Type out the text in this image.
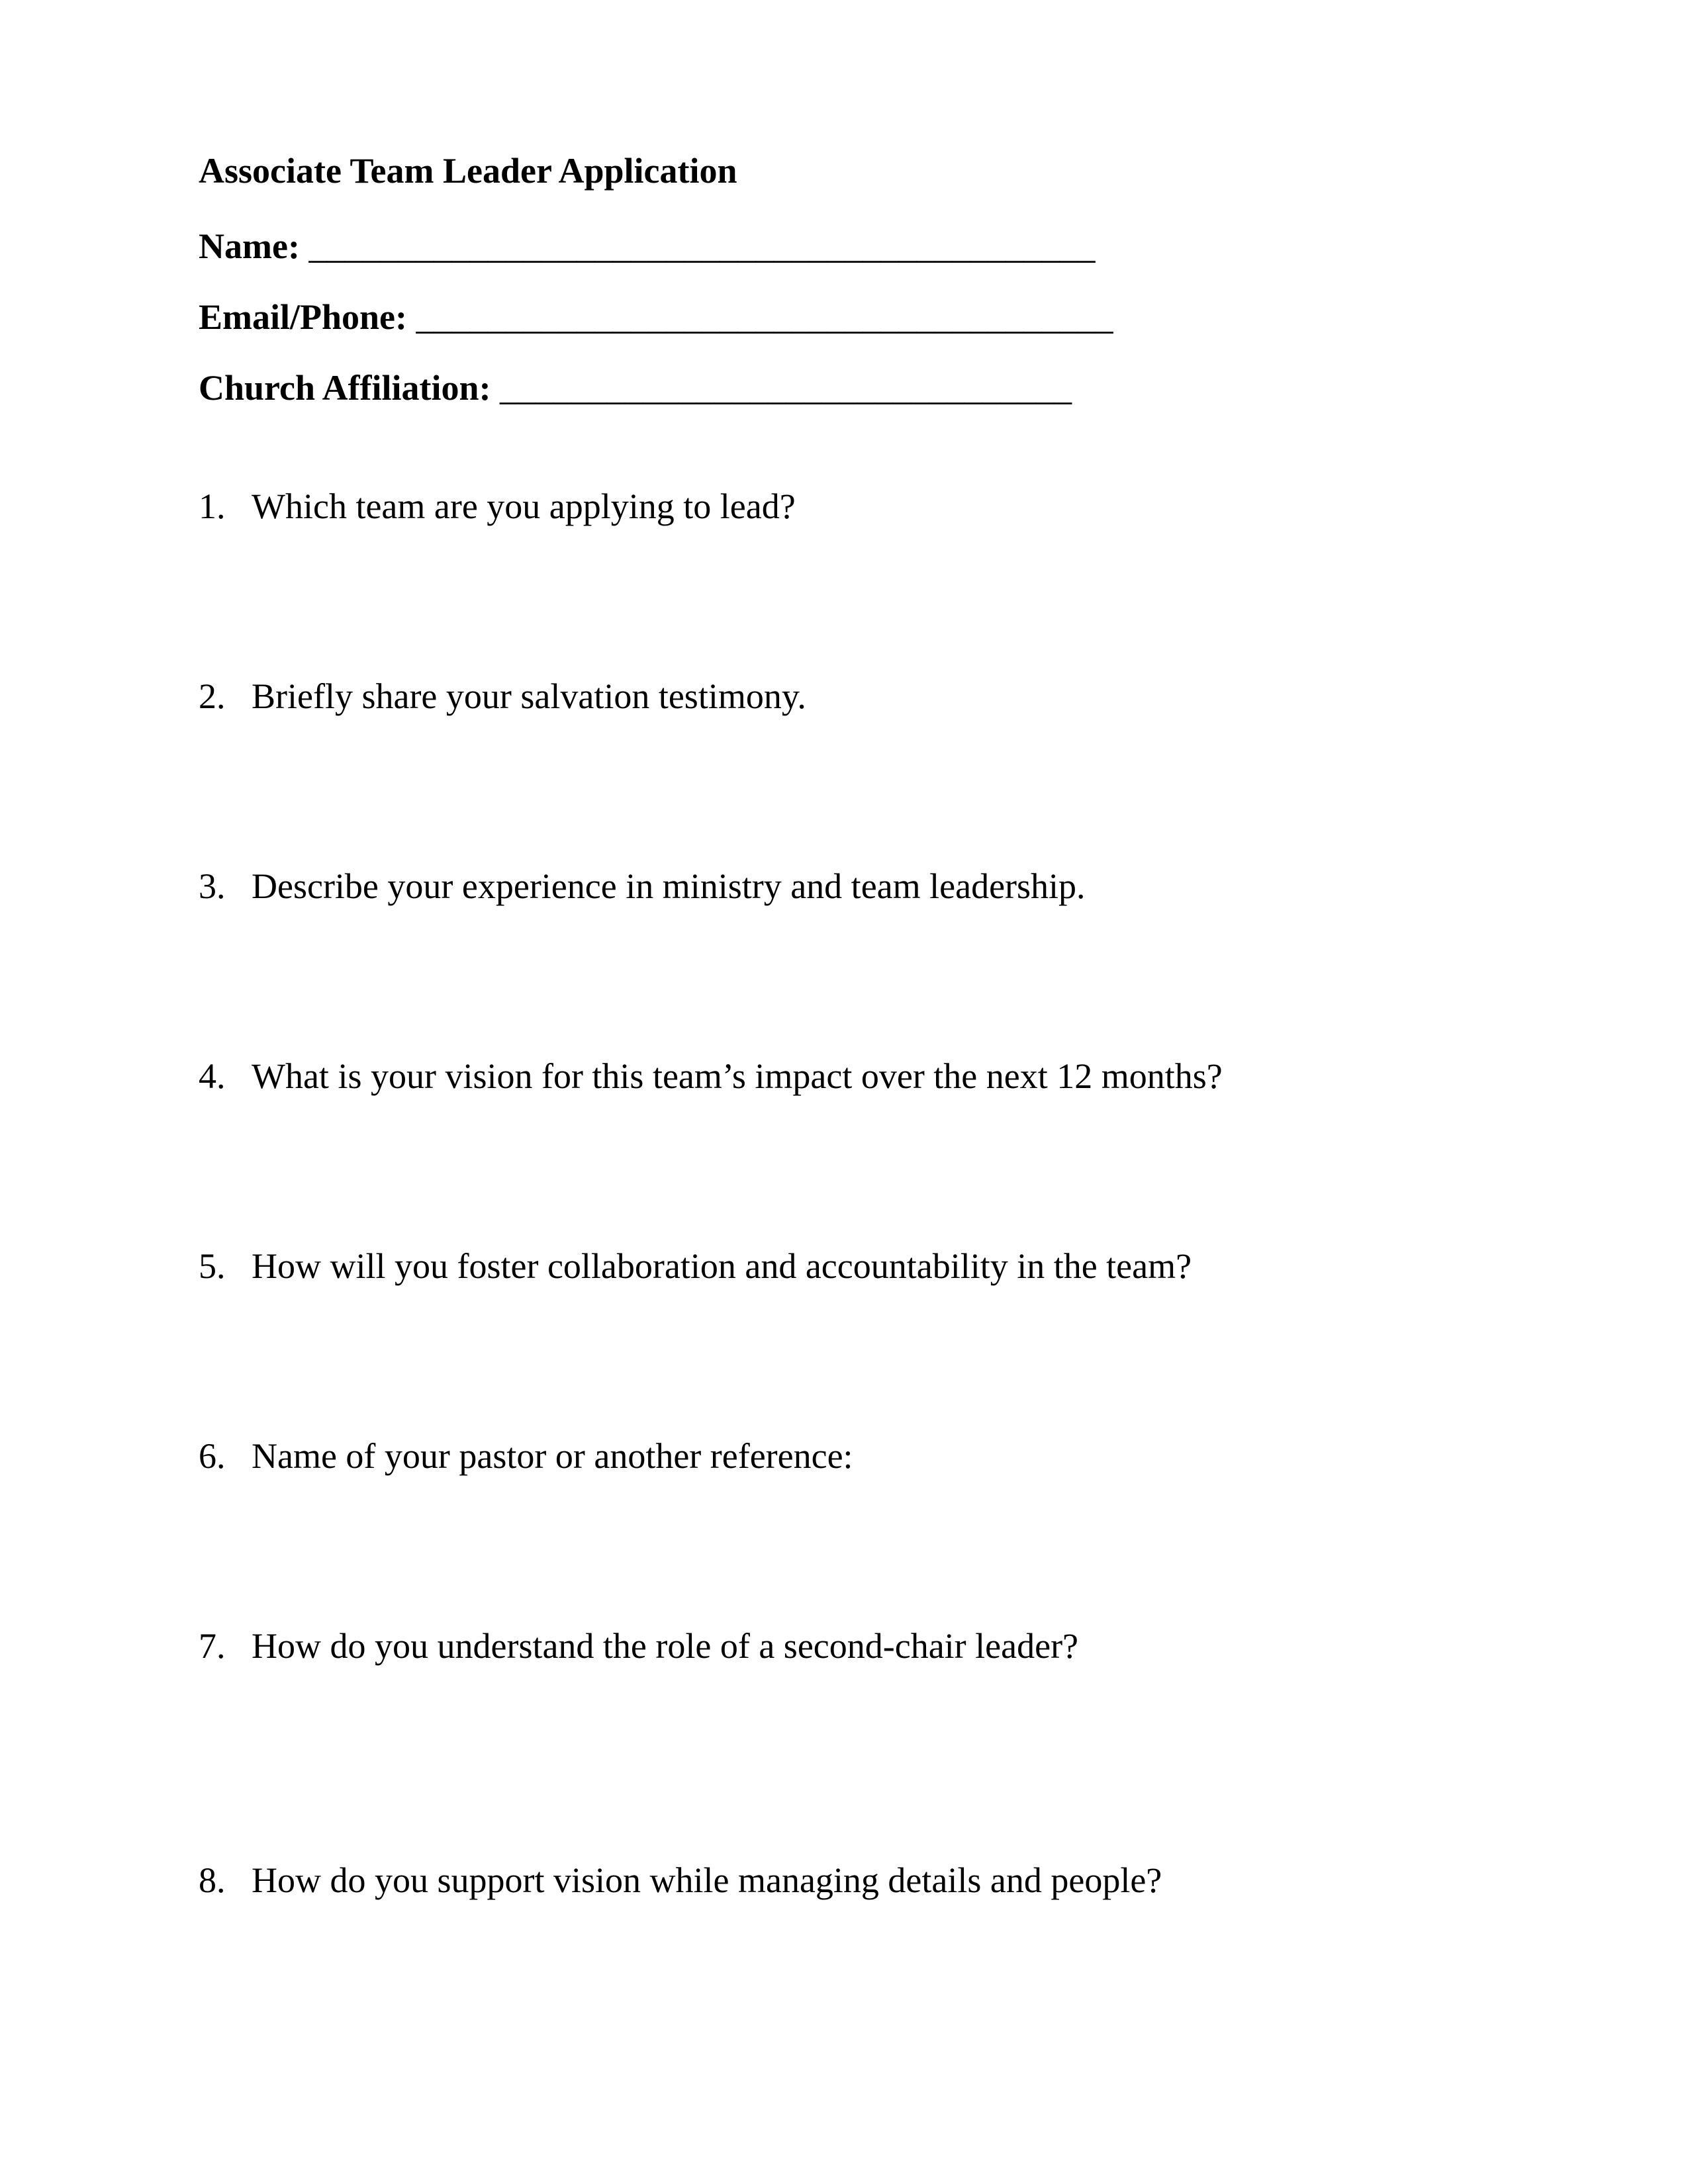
Associate Team Leader Application
Name: ____________________________________________
Email/Phone: _______________________________________
Church Affiliation: ________________________________
1. Which team are you applying to lead?
2. Briefly share your salvation testimony.
3. Describe your experience in ministry and team leadership.
4. What is your vision for this team’s impact over the next 12 months?
5. How will you foster collaboration and accountability in the team?
6. Name of your pastor or another reference:
7. How do you understand the role of a second-chair leader?
8. How do you support vision while managing details and people?
